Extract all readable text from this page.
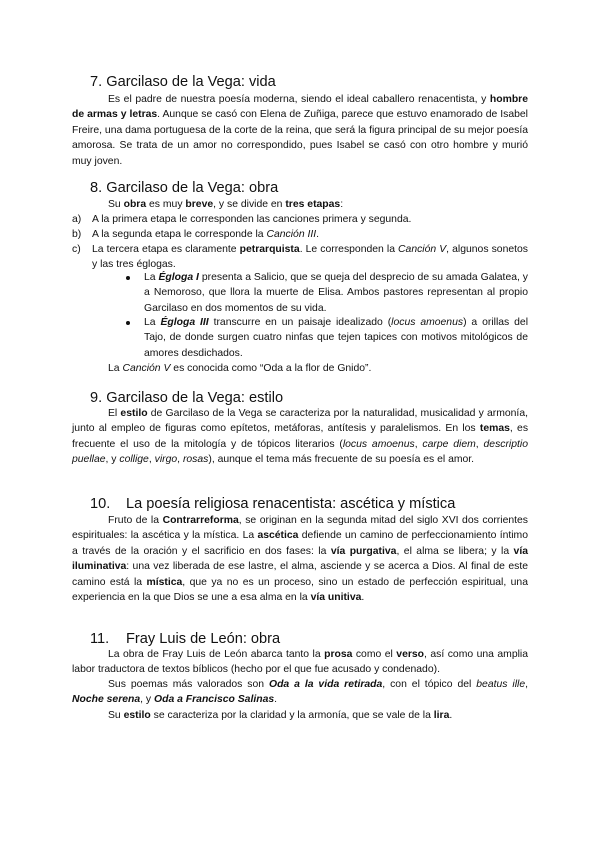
7. Garcilaso de la Vega: vida

Es el padre de nuestra poesía moderna, siendo el ideal caballero renacentista, y hombre de armas y letras. Aunque se casó con Elena de Zuñiga, parece que estuvo enamorado de Isabel Freire, una dama portuguesa de la corte de la reina, que será la figura principal de su mejor poesía amorosa. Se trata de un amor no correspondido, pues Isabel se casó con otro hombre y murió muy joven.

8. Garcilaso de la Vega: obra

Su obra es muy breve, y se divide en tres etapas:

a) A la primera etapa le corresponden las canciones primera y segunda.
b) A la segunda etapa le corresponde la Canción III.
c) La tercera etapa es claramente petrarquista. Le corresponden la Canción V, algunos sonetos y las tres églogas.
La Égloga I presenta a Salicio, que se queja del desprecio de su amada Galatea, y a Nemoroso, que llora la muerte de Elisa. Ambos pastores representan al propio Garcilaso en dos momentos de su vida.
La Égloga III transcurre en un paisaje idealizado (locus amoenus) a orillas del Tajo, de donde surgen cuatro ninfas que tejen tapices con motivos mitológicos de amores desdichados.

La Canción V es conocida como “Oda a la flor de Gnido”.

9. Garcilaso de la Vega: estilo

El estilo de Garcilaso de la Vega se caracteriza por la naturalidad, musicalidad y armonía, junto al empleo de figuras como epítetos, metáforas, antítesis y paralelismos. En los temas, es frecuente el uso de la mitología y de tópicos literarios (locus amoenus, carpe diem, descriptio puellae, y collige, virgo, rosas), aunque el tema más frecuente de su poesía es el amor.

10. La poesía religiosa renacentista: ascética y mística

Fruto de la Contrarreforma, se originan en la segunda mitad del siglo XVI dos corrientes espirituales: la ascética y la mística. La ascética defiende un camino de perfeccionamiento íntimo a través de la oración y el sacrificio en dos fases: la vía purgativa, el alma se libera; y la vía iluminativa: una vez liberada de ese lastre, el alma, asciende y se acerca a Dios. Al final de este camino está la mística, que ya no es un proceso, sino un estado de perfección espiritual, una experiencia en la que Dios se une a esa alma en la vía unitiva.

11. Fray Luis de León: obra

La obra de Fray Luis de León abarca tanto la prosa como el verso, así como una amplia labor traductora de textos bíblicos (hecho por el que fue acusado y condenado).

Sus poemas más valorados son Oda a la vida retirada, con el tópico del beatus ille, Noche serena, y Oda a Francisco Salinas.

Su estilo se caracteriza por la claridad y la armonía, que se vale de la lira.
